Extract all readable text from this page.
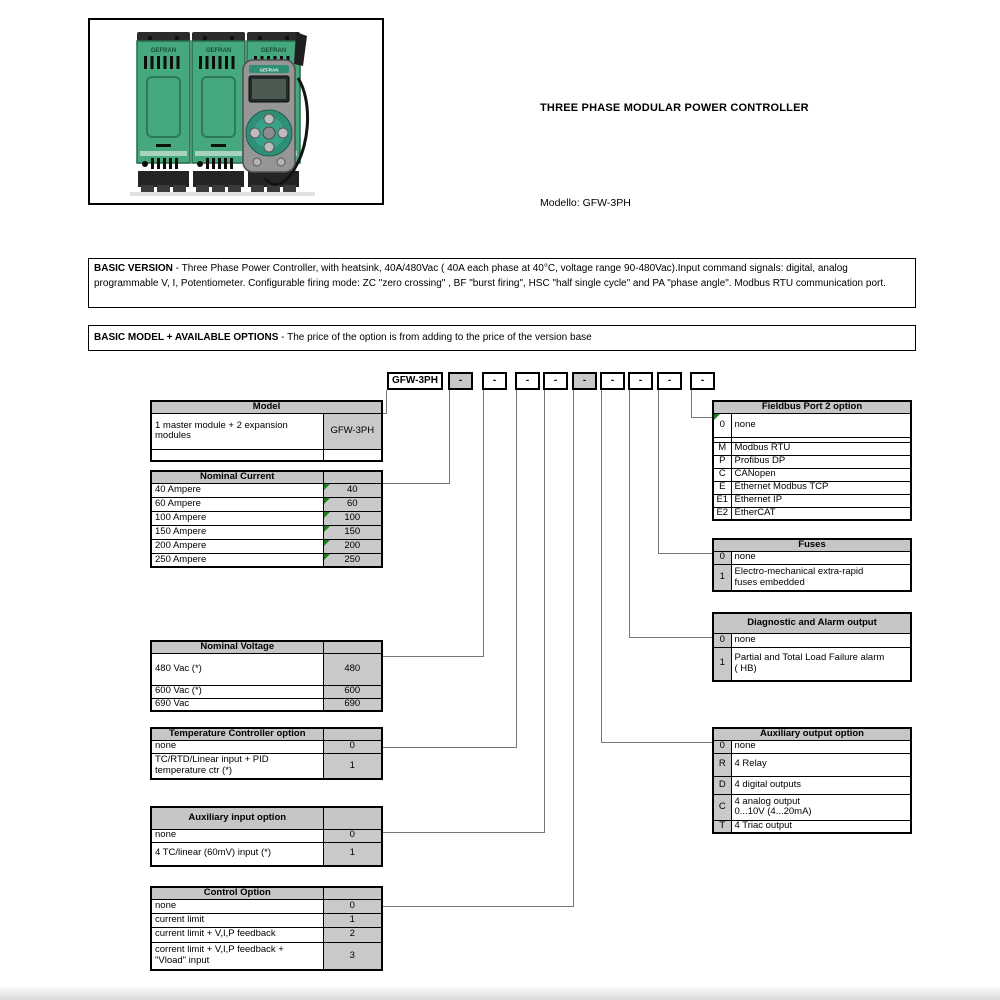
GEFRAN
GEFRAN
THREE PHASE MODULAR POWER CONTROLLER
Modello: GFW-3PH
BASIC VERSION - Three Phase Power Controller, with heatsink, 40A/480Vac ( 40A each phase at 40°C, voltage range 90-480Vac).Input command signals: digital, analog programmable V, I, Potentiometer. Configurable firing mode: ZC "zero crossing" , BF "burst firing", HSC "half single cycle" and PA "phase angle". Modbus RTU communication port.
BASIC MODEL + AVAILABLE OPTIONS - The price of the option is from adding to the price of the version base
GFW-3PH	-	-	-	-	-	-	-	-	-
Model	

1 master module + 2 expansion
modules	GFW-3PH

Nominal Current	
40 Ampere	40
60 Ampere	60
100 Ampere	100
150 Ampere	150
200 Ampere	200
250 Ampere	250
Nominal Voltage	
480 Vac (*)	480
600 Vac (*)	600
690 Vac	690
Temperature Controller option	
none	0

TC/RTD/Linear input + PID
temperature ctr (*)	1
Auxiliary input option	
none	0
4 TC/linear (60mV) input (*)	1
Control Option	
none	0
current limit	1
current limit + V,I,P feedback	2

corrent limit + V,I,P feedback +
"Vload" input	3
Fieldbus Port 2 option	
0	none

M	Modbus RTU
P	Profibus DP
C	CANopen
E	Ethernet Modbus TCP
E1	Ethernet IP
E2	EtherCAT
Fuses	
0	none
1	Electro-mechanical extra-rapid
fuses embedded
Diagnostic and Alarm output	
0	none
1	Partial and Total Load Failure alarm
( HB)
Auxiliary output option	
0	none
R	4 Relay
D	4 digital outputs
C	4 analog output
0...10V (4...20mA)

T	4 Triac output
